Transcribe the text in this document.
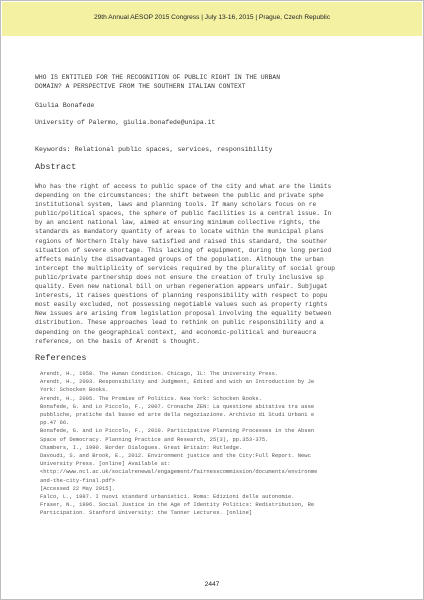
29th Annual AESOP 2015 Congress | July 13-16, 2015 | Prague, Czech Republic
WHO IS ENTITLED FOR THE RECOGNITION OF PUBLIC RIGHT IN THE URBAN
DOMAIN? A PERSPECTIVE FROM THE SOUTHERN ITALIAN CONTEXT
Giulia Bonafede
University of Palermo, giulia.bonafede@unipa.it
Keywords: Relational public spaces, services, responsibility
Abstract
Who has the right of access to public space of the city and what are the limits
depending on the circumstances: the shift between the public and private sphe
institutional system, laws and planning tools. If many scholars focus on re
public/political spaces, the sphere of public facilities is a central issue. In
by an ancient national law, aimed at ensuring minimum collective rights, the
standards as mandatory quantity of areas to locate within the municipal plans
regions of Northern Italy have satisfied and raised this standard, the souther
situation of severe shortage. This lacking of equipment, during the long period
affects mainly the disadvantaged groups of the population. Although the urban
intercept the multiplicity of services required by the plurality of social group
public/private partnership does not ensure the creation of truly inclusive sp
quality. Even new national bill on urban regeneration appears unfair. Subjugat
interests, it raises questions of planning responsibility with respect to popu
most easily excluded, not possessing negotiable values such as property rights
New issues are arising from legislation proposal involving the equality between
distribution. These approaches lead to rethink on public responsibility and a
depending on the geographical context, and economic-political and bureaucra
reference, on the basis of Arendt s thought.
References
Arendt, H., 1958. The Human Condition. Chicago, IL: The University Press.
Arendt, H., 2003. Responsibility and Judgment, Edited and with an Introduction by Je
York: Schocken Books.
Arendt, H., 2005. The Promise of Politics. New York: Schocken Books.
Bonafede, G. and Lo Piccolo, F., 2007. Cronache ZEN: La questione abitativa tra asse
pubbliche, pratiche dal basso ed arte della negoziazione. Archivio di Studi Urbani e
pp.47 66.
Bonafede, G. and Lo Piccolo, F., 2010. Participative Planning Processes in the Absen
Space of Democracy. Planning Practice and Research, 25(3), pp.353-375.
Chambers, I., 1990. Border Dialogues. Great Britain: Rutledge.
Davoudi, S. and Brook, E., 2012. Environment justice and the City:Full Report. Newc
University Press. [online] Available at:
<http://www.ncl.ac.uk/socialrenewal/engagement/fairnesscommission/documents/environme
and-the-city-final.pdf>
[Accessed 22 May 2015].
Falco, L., 1987. I nuovi standard urbanistici. Roma: Edizioni delle autonomie.
Fraser, N., 1996. Social Justice in the Age of Identity Politics: Redistribution, Re
Participation. Stanford University: the Tanner Lectures. [online]
2447
